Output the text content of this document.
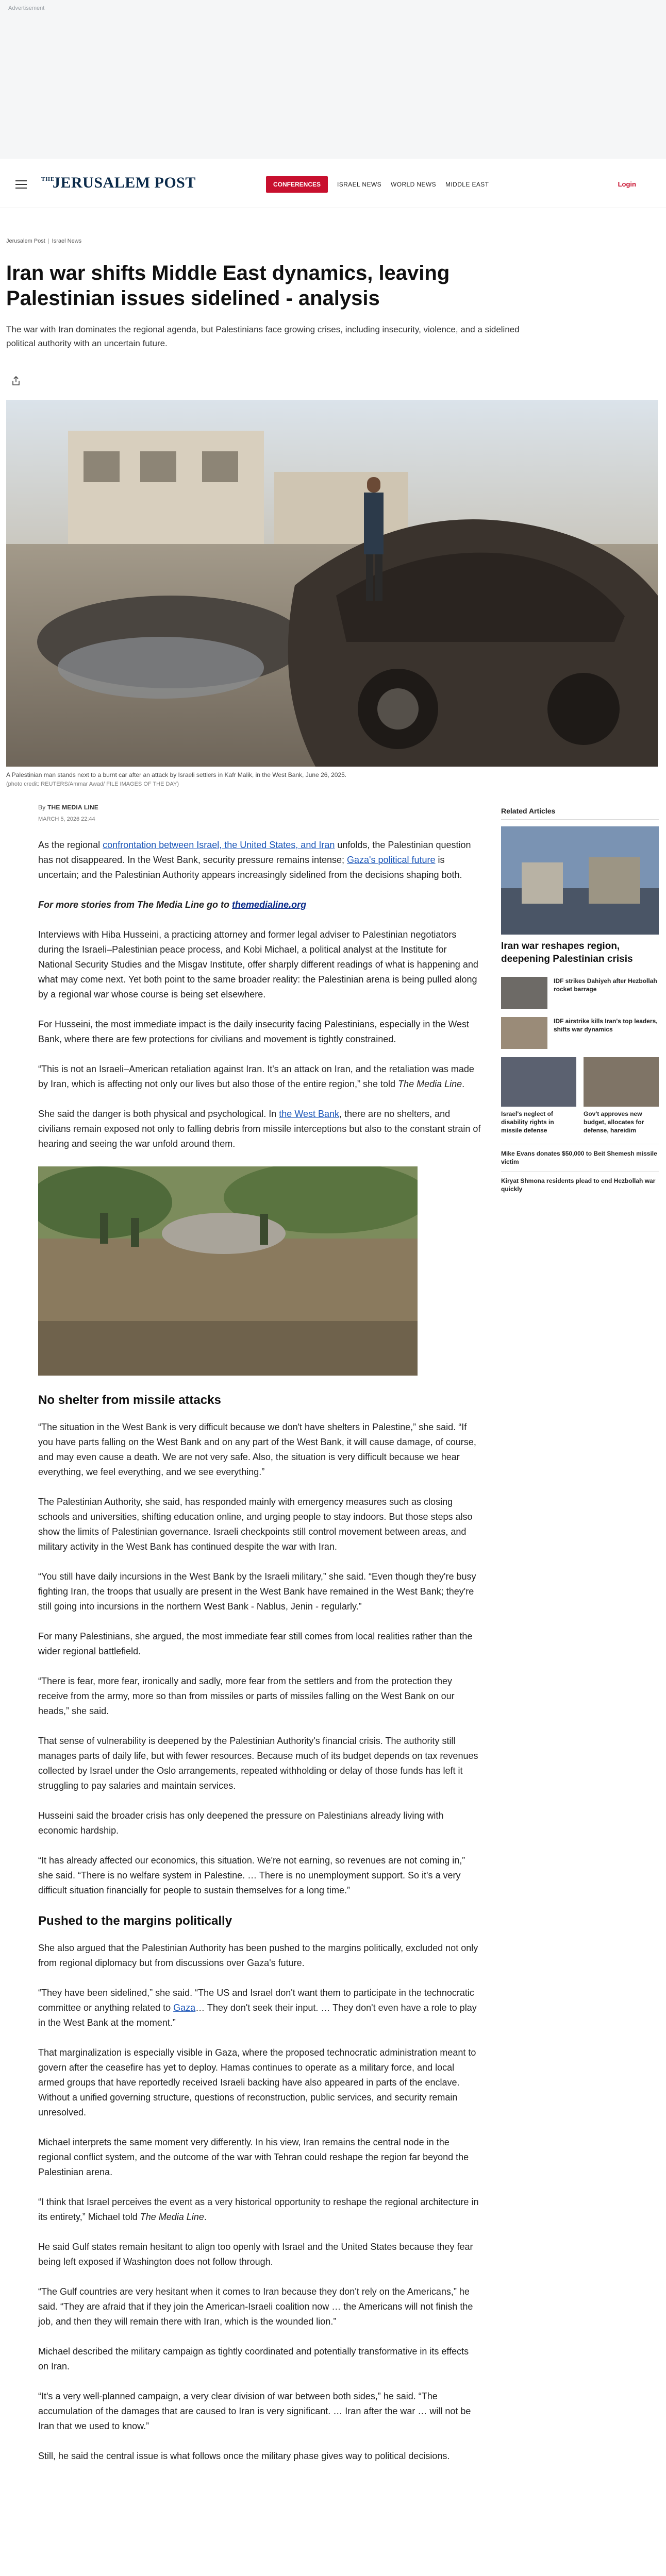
Advertisement
THE
JERUSALEM POST	CONFERENCES	ISRAEL NEWS WORLD NEWS MIDDLE EAST	Login
Jerusalem Post | Israel News
Iran war shifts Middle East dynamics, leaving Palestinian issues sidelined - analysis

The war with Iran dominates the regional agenda, but Palestinians face growing crises, including insecurity, violence, and a sidelined political authority with an uncertain future.

A Palestinian man stands next to a burnt car after an attack by Israeli settlers in Kafr Malik, in the West Bank, June 26, 2025.
(photo credit: REUTERS/Ammar Awad/ FILE IMAGES OF THE DAY)
By THE MEDIA LINE
MARCH 5, 2026 22:44

As the regional confrontation between Israel, the United States, and Iran unfolds, the Palestinian question has not disappeared. In the West Bank, security pressure remains intense; Gaza's political future is uncertain; and the Palestinian Authority appears increasingly sidelined from the decisions shaping both.

For more stories from The Media Line go to themedialine.org

Interviews with Hiba Husseini, a practicing attorney and former legal adviser to Palestinian negotiators during the Israeli–Palestinian peace process, and Kobi Michael, a political analyst at the Institute for National Security Studies and the Misgav Institute, offer sharply different readings of what is happening and what may come next. Yet both point to the same broader reality: the Palestinian arena is being pulled along by a regional war whose course is being set elsewhere.

For Husseini, the most immediate impact is the daily insecurity facing Palestinians, especially in the West Bank, where there are few protections for civilians and movement is tightly constrained.

“This is not an Israeli–American retaliation against Iran. It's an attack on Iran, and the retaliation was made by Iran, which is affecting not only our lives but also those of the entire region,” she told The Media Line.

She said the danger is both physical and psychological. In the West Bank, there are no shelters, and civilians remain exposed not only to falling debris from missile interceptions but also to the constant strain of hearing and seeing the war unfold around them.

No shelter from missile attacks

“The situation in the West Bank is very difficult because we don't have shelters in Palestine,” she said. “If you have parts falling on the West Bank and on any part of the West Bank, it will cause damage, of course, and may even cause a death. We are not very safe. Also, the situation is very difficult because we hear everything, we feel everything, and we see everything.”

The Palestinian Authority, she said, has responded mainly with emergency measures such as closing schools and universities, shifting education online, and urging people to stay indoors. But those steps also show the limits of Palestinian governance. Israeli checkpoints still control movement between areas, and military activity in the West Bank has continued despite the war with Iran.

“You still have daily incursions in the West Bank by the Israeli military,” she said. “Even though they're busy fighting Iran, the troops that usually are present in the West Bank have remained in the West Bank; they're still going into incursions in the northern West Bank - Nablus, Jenin - regularly.”

For many Palestinians, she argued, the most immediate fear still comes from local realities rather than the wider regional battlefield.

“There is fear, more fear, ironically and sadly, more fear from the settlers and from the protection they receive from the army, more so than from missiles or parts of missiles falling on the West Bank on our heads,” she said.

That sense of vulnerability is deepened by the Palestinian Authority's financial crisis. The authority still manages parts of daily life, but with fewer resources. Because much of its budget depends on tax revenues collected by Israel under the Oslo arrangements, repeated withholding or delay of those funds has left it struggling to pay salaries and maintain services.

Husseini said the broader crisis has only deepened the pressure on Palestinians already living with economic hardship.

“It has already affected our economics, this situation. We're not earning, so revenues are not coming in,” she said. “There is no welfare system in Palestine. … There is no unemployment support. So it's a very difficult situation financially for people to sustain themselves for a long time.”

Pushed to the margins politically

She also argued that the Palestinian Authority has been pushed to the margins politically, excluded not only from regional diplomacy but from discussions over Gaza's future.

“They have been sidelined,” she said. “The US and Israel don't want them to participate in the technocratic committee or anything related to Gaza… They don't seek their input. … They don't even have a role to play in the West Bank at the moment.”

That marginalization is especially visible in Gaza, where the proposed technocratic administration meant to govern after the ceasefire has yet to deploy. Hamas continues to operate as a military force, and local armed groups that have reportedly received Israeli backing have also appeared in parts of the enclave. Without a unified governing structure, questions of reconstruction, public services, and security remain unresolved.

Michael interprets the same moment very differently. In his view, Iran remains the central node in the regional conflict system, and the outcome of the war with Tehran could reshape the region far beyond the Palestinian arena.

“I think that Israel perceives the event as a very historical opportunity to reshape the regional architecture in its entirety,” Michael told The Media Line.

He said Gulf states remain hesitant to align too openly with Israel and the United States because they fear being left exposed if Washington does not follow through.

“The Gulf countries are very hesitant when it comes to Iran because they don't rely on the Americans,” he said. “They are afraid that if they join the American-Israeli coalition now … the Americans will not finish the job, and then they will remain there with Iran, which is the wounded lion.”

Michael described the military campaign as tightly coordinated and potentially transformative in its effects on Iran.

“It's a very well-planned campaign, a very clear division of war between both sides,” he said. “The accumulation of the damages that are caused to Iran is very significant. … Iran after the war … will not be Iran that we used to know.”

Still, he said the central issue is what follows once the military phase gives way to political decisions.

Related Articles
Iran war reshapes region, deepening Palestinian crisis
IDF strikes Dahiyeh after Hezbollah rocket barrage
IDF airstrike kills Iran's top leaders, shifts war dynamics
Israel's neglect of disability rights in missile defense
Gov't approves new budget, allocates for defense, hareidim
Mike Evans donates $50,000 to Beit Shemesh missile victim
Kiryat Shmona residents plead to end Hezbollah war quickly
